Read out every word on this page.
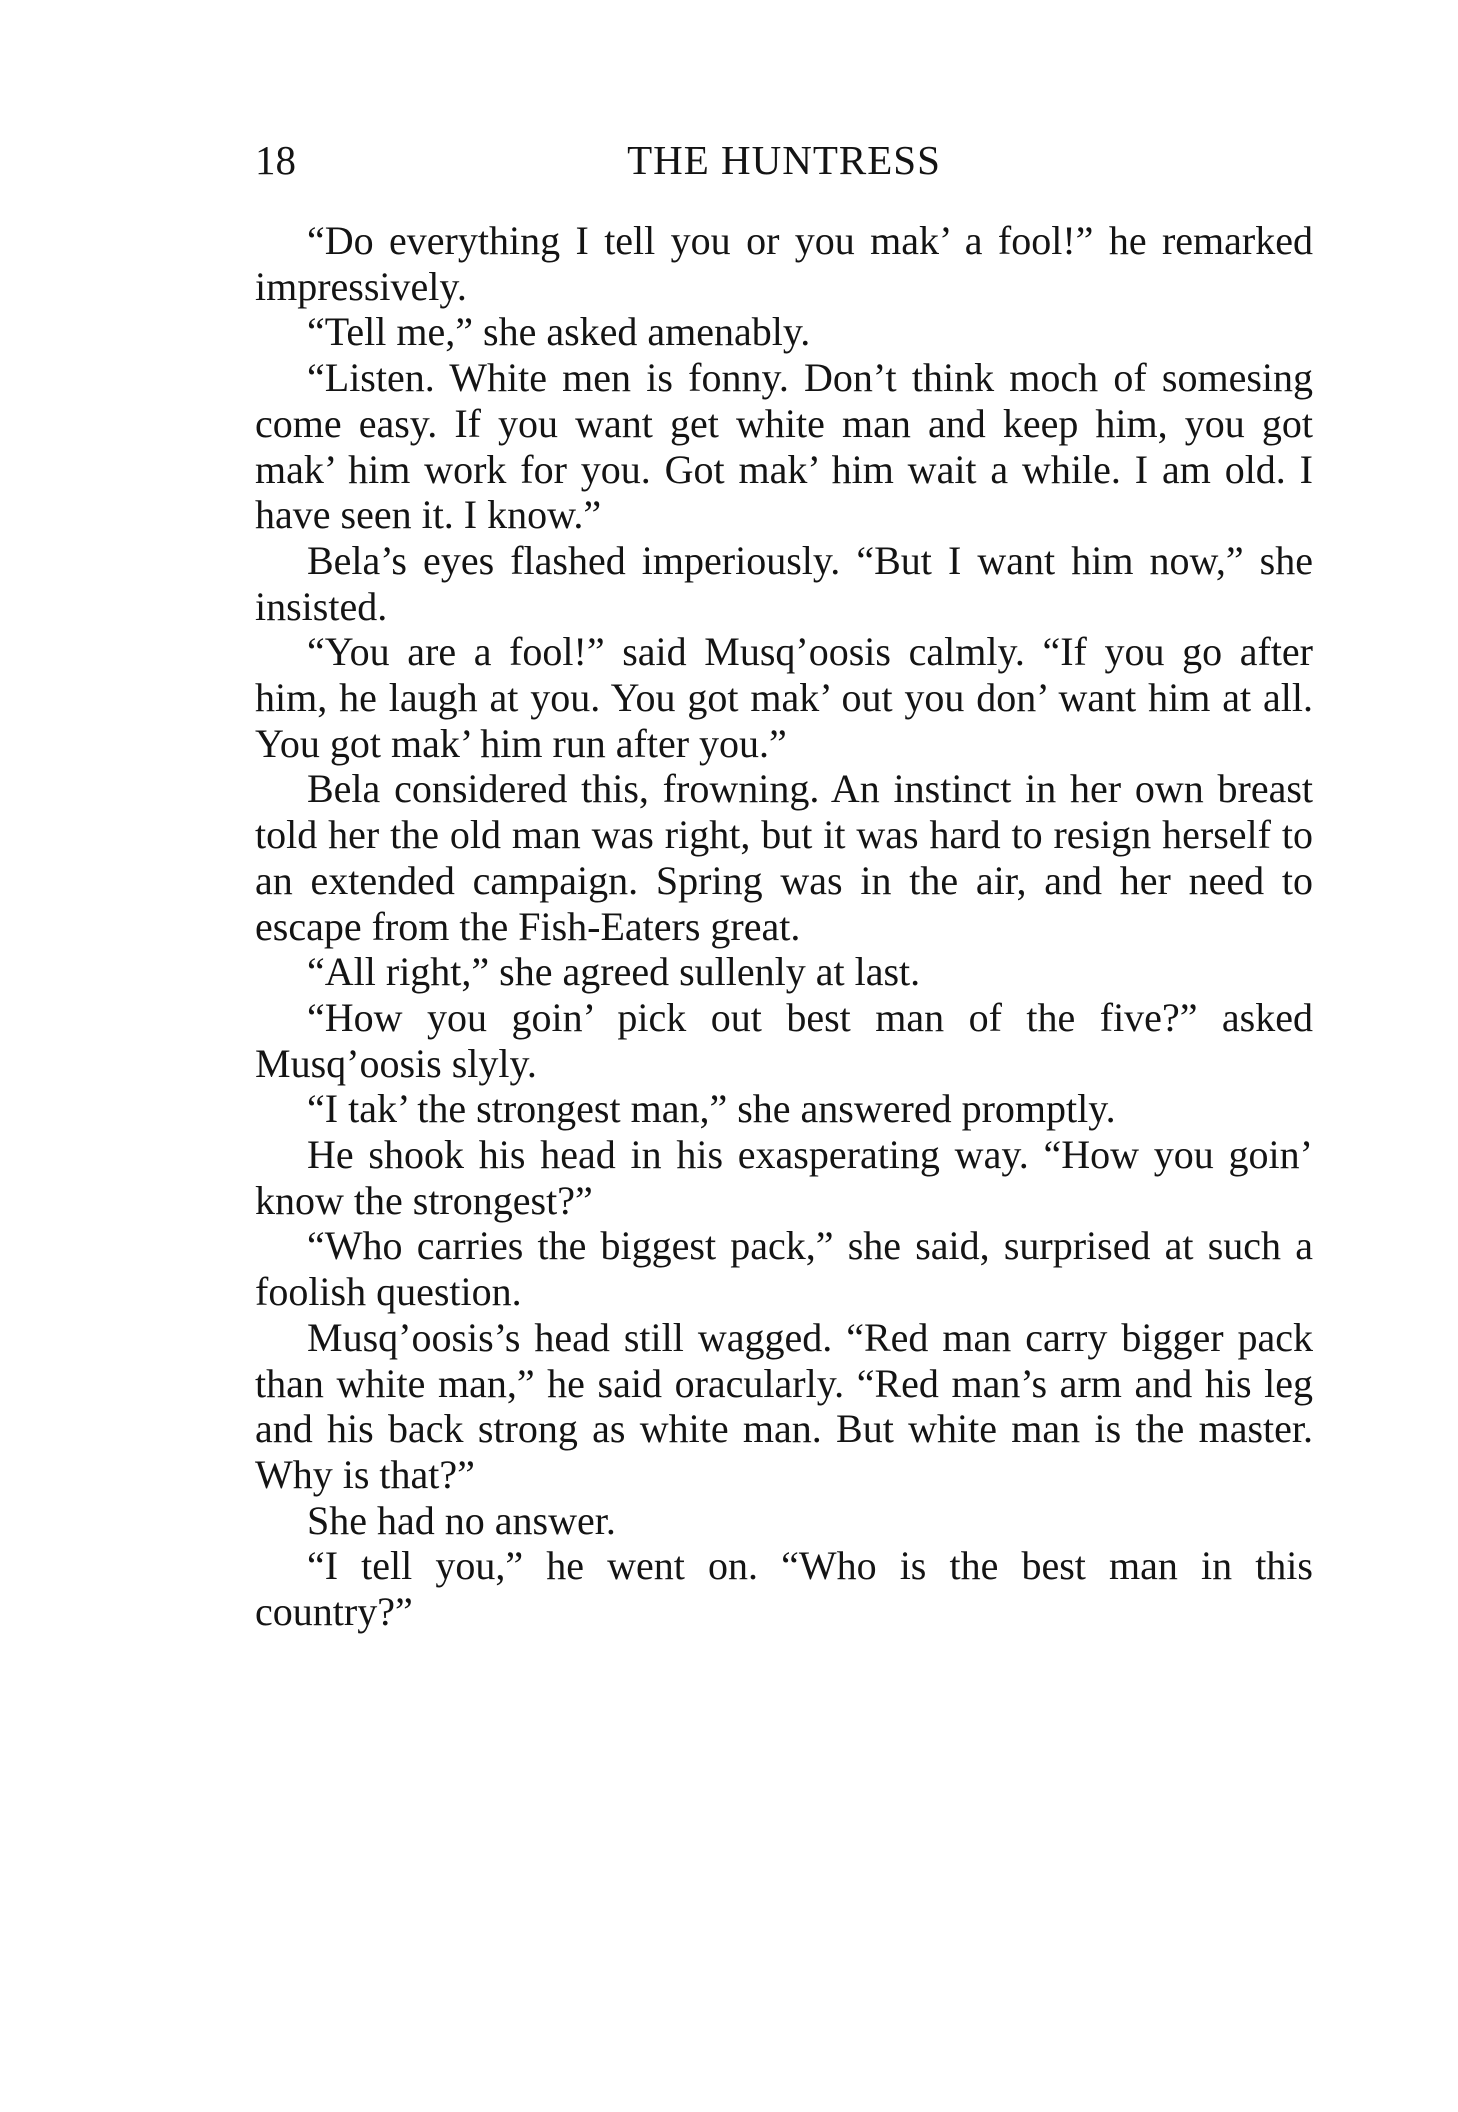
18	THE HUNTRESS

“Do everything I tell you or you mak’ a fool!” he remarked impressively.

“Tell me,” she asked amenably.

“Listen. White men is fonny. Don’t think moch of somesing come easy. If you want get white man and keep him, you got mak’ him work for you. Got mak’ him wait a while. I am old. I have seen it. I know.”

Bela’s eyes flashed imperiously. “But I want him now,” she insisted.

“You are a fool!” said Musq’oosis calmly. “If you go after him, he laugh at you. You got mak’ out you don’ want him at all. You got mak’ him run after you.”

Bela considered this, frowning. An instinct in her own breast told her the old man was right, but it was hard to resign herself to an extended campaign. Spring was in the air, and her need to escape from the Fish-Eaters great.

“All right,” she agreed sullenly at last.

“How you goin’ pick out best man of the five?” asked Musq’oosis slyly.

“I tak’ the strongest man,” she answered promptly.

He shook his head in his exasperating way. “How you goin’ know the strongest?”

“Who carries the biggest pack,” she said, surprised at such a foolish question.

Musq’oosis’s head still wagged. “Red man carry bigger pack than white man,” he said oracularly. “Red man’s arm and his leg and his back strong as white man. But white man is the master. Why is that?”

She had no answer.

“I tell you,” he went on. “Who is the best man in this country?”
